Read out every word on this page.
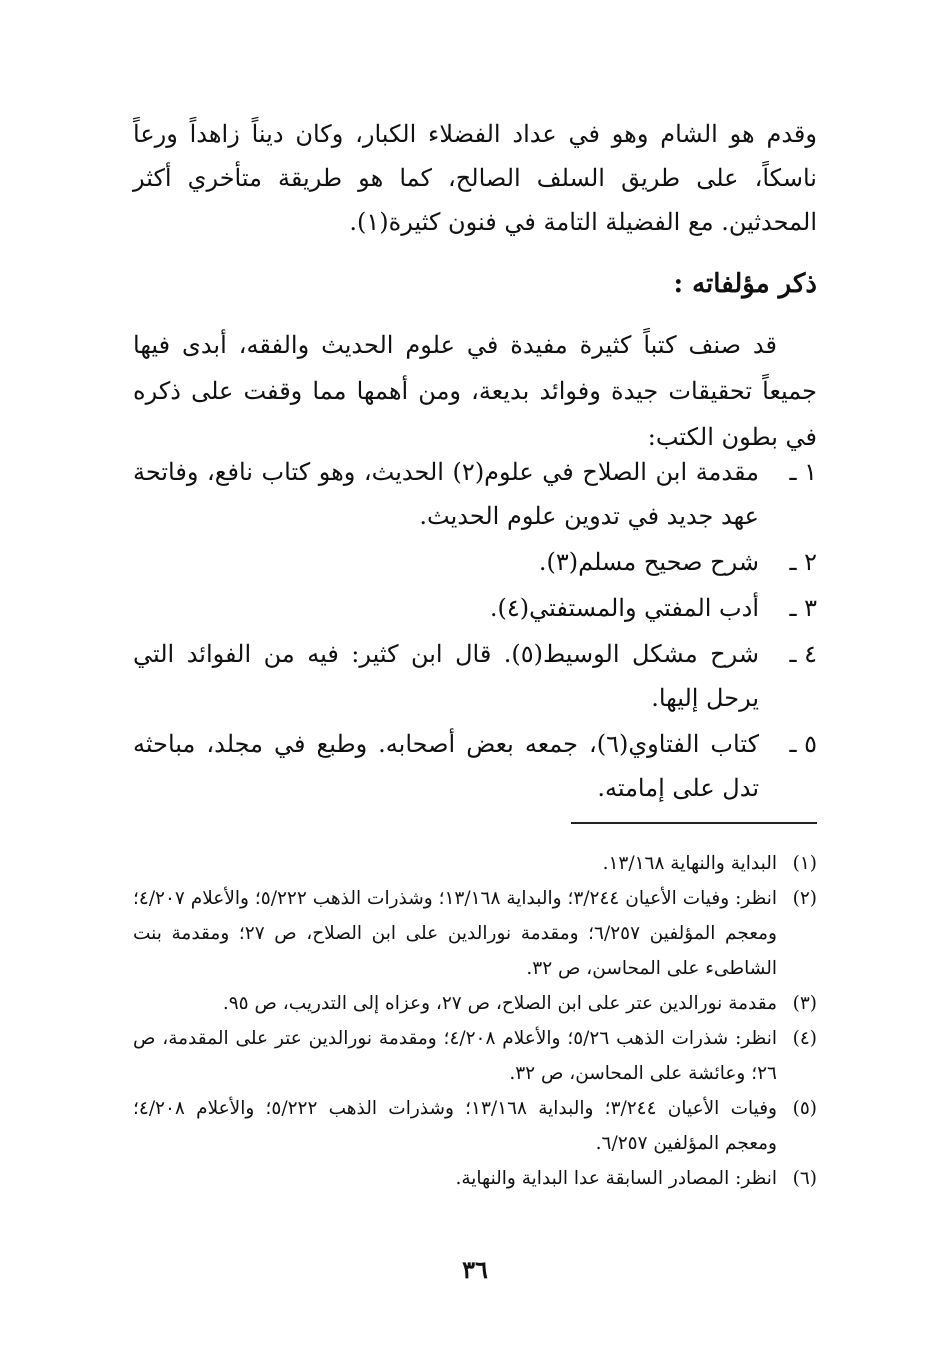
وقدم هو الشام وهو في عداد الفضلاء الكبار، وكان ديناً زاهداً ورعاً ناسكاً، على طريق السلف الصالح، كما هو طريقة متأخري أكثر المحدثين. مع الفضيلة التامة في فنون كثيرة(١).

ذكر مؤلفاته :

قد صنف كتباً كثيرة مفيدة في علوم الحديث والفقه، أبدى فيها جميعاً تحقيقات جيدة وفوائد بديعة، ومن أهمها مما وقفت على ذكره في بطون الكتب:

١ ـ
مقدمة ابن الصلاح في علوم(٢) الحديث، وهو كتاب نافع، وفاتحة عهد جديد في تدوين علوم الحديث.
٢ ـ
شرح صحيح مسلم(٣).
٣ ـ
أدب المفتي والمستفتي(٤).
٤ ـ
شرح مشكل الوسيط(٥). قال ابن كثير: فيه من الفوائد التي يرحل إليها.
٥ ـ
كتاب الفتاوي(٦)، جمعه بعض أصحابه. وطبع في مجلد، مباحثه تدل على إمامته.
(١)
البداية والنهاية ١٣/١٦٨.
(٢)
انظر: وفيات الأعيان ٣/٢٤٤؛ والبداية ١٣/١٦٨؛ وشذرات الذهب ٥/٢٢٢؛ والأعلام ٤/٢٠٧؛ ومعجم المؤلفين ٦/٢٥٧؛ ومقدمة نورالدين على ابن الصلاح، ص ٢٧؛ ومقدمة بنت الشاطىء على المحاسن، ص ٣٢.
(٣)
مقدمة نورالدين عتر على ابن الصلاح، ص ٢٧، وعزاه إلى التدريب، ص ٩٥.
(٤)
انظر: شذرات الذهب ٥/٢٦؛ والأعلام ٤/٢٠٨؛ ومقدمة نورالدين عتر على المقدمة، ص ٢٦؛ وعائشة على المحاسن، ص ٣٢.
(٥)
وفيات الأعيان ٣/٢٤٤؛ والبداية ١٣/١٦٨؛ وشذرات الذهب ٥/٢٢٢؛ والأعلام ٤/٢٠٨؛ ومعجم المؤلفين ٦/٢٥٧.
(٦)
انظر: المصادر السابقة عدا البداية والنهاية.
٣٦
